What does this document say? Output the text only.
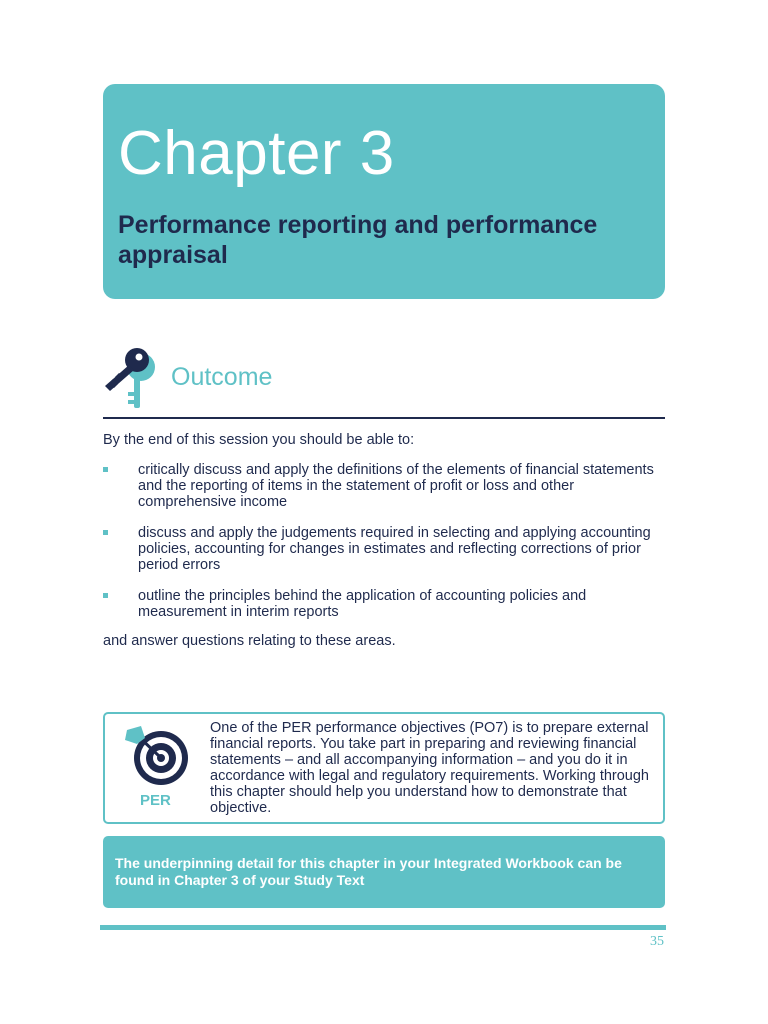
Chapter 3
Performance reporting and performance appraisal
Outcome

By the end of this session you should be able to:

critically discuss and apply the definitions of the elements of financial statements and the reporting of items in the statement of profit or loss and other comprehensive income
discuss and apply the judgements required in selecting and applying accounting policies, accounting for changes in estimates and reflecting corrections of prior period errors
outline the principles behind the application of accounting policies and measurement in interim reports

and answer questions relating to these areas.

PER

One of the PER performance objectives (PO7) is to prepare external financial reports. You take part in preparing and reviewing financial statements – and all accompanying information – and you do it in accordance with legal and regulatory requirements. Working through this chapter should help you understand how to demonstrate that objective.

The underpinning detail for this chapter in your Integrated Workbook can be found in Chapter 3 of your Study Text

35
